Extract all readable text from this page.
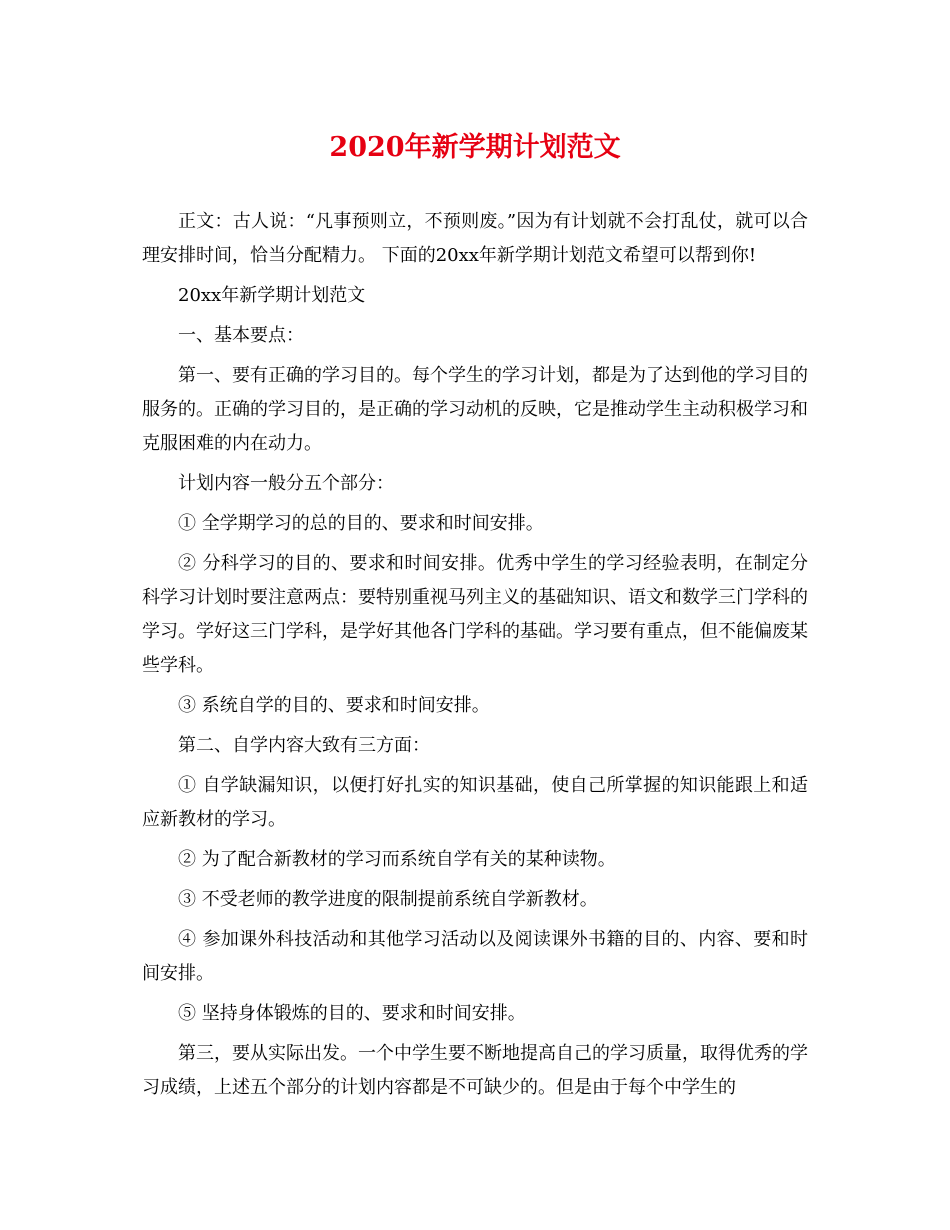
2020年新学期计划范文

正文：古人说：“凡事预则立，不预则废。”因为有计划就不会打乱仗，就可以合理安排时间，恰当分配精力。 下面的20xx年新学期计划范文希望可以帮到你!

20xx年新学期计划范文

一、基本要点：

第一、要有正确的学习目的。每个学生的学习计划，都是为了达到他的学习目的服务的。正确的学习目的，是正确的学习动机的反映，它是推动学生主动积极学习和克服困难的内在动力。

计划内容一般分五个部分：

① 全学期学习的总的目的、要求和时间安排。

② 分科学习的目的、要求和时间安排。优秀中学生的学习经验表明，在制定分科学习计划时要注意两点：要特别重视马列主义的基础知识、语文和数学三门学科的学习。学好这三门学科，是学好其他各门学科的基础。学习要有重点，但不能偏废某些学科。

③ 系统自学的目的、要求和时间安排。

第二、自学内容大致有三方面：

① 自学缺漏知识，以便打好扎实的知识基础，使自己所掌握的知识能跟上和适应新教材的学习。

② 为了配合新教材的学习而系统自学有关的某种读物。

③ 不受老师的教学进度的限制提前系统自学新教材。

④ 参加课外科技活动和其他学习活动以及阅读课外书籍的目的、内容、要和时间安排。

⑤ 坚持身体锻炼的目的、要求和时间安排。

第三，要从实际出发。一个中学生要不断地提高自己的学习质量，取得优秀的学习成绩，上述五个部分的计划内容都是不可缺少的。但是由于每个中学生的
